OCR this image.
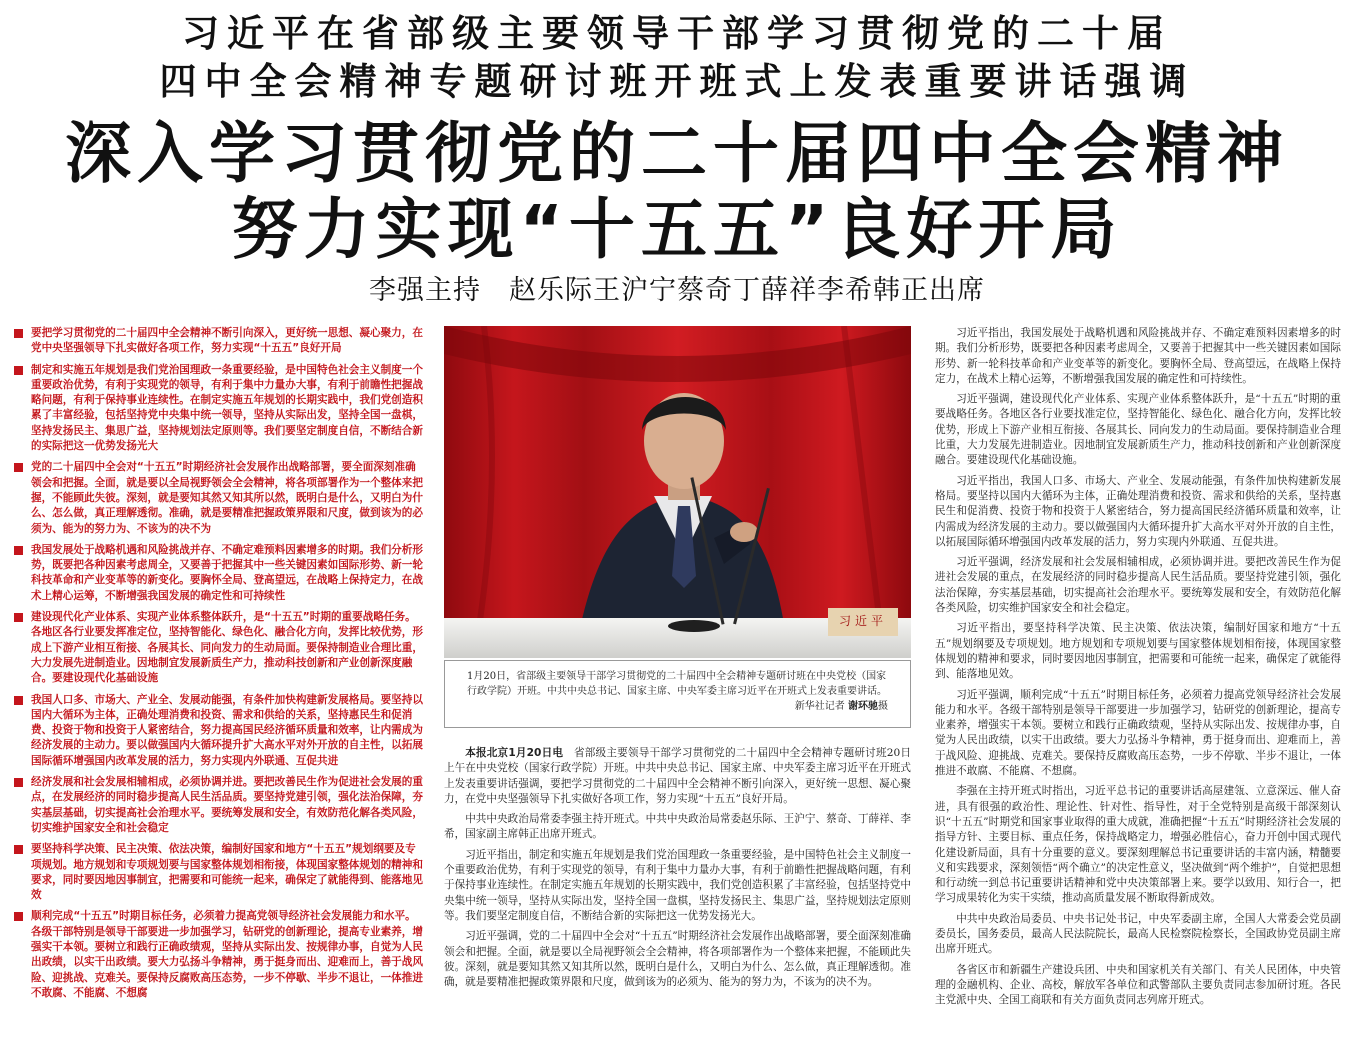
习近平在省部级主要领导干部学习贯彻党的二十届
四中全会精神专题研讨班开班式上发表重要讲话强调
深入学习贯彻党的二十届四中全会精神
努力实现“十五五”良好开局
李强主持　赵乐际王沪宁蔡奇丁薛祥李希韩正出席
要把学习贯彻党的二十届四中全会精神不断引向深入，更好统一思想、凝心聚力，在党中央坚强领导下扎实做好各项工作，努力实现“十五五”良好开局
制定和实施五年规划是我们党治国理政一条重要经验，是中国特色社会主义制度一个重要政治优势，有利于实现党的领导，有利于集中力量办大事，有利于前瞻性把握战略问题，有利于保持事业连续性。在制定实施五年规划的长期实践中，我们党创造积累了丰富经验，包括坚持党中央集中统一领导，坚持从实际出发，坚持全国一盘棋，坚持发扬民主、集思广益，坚持规划法定原则等。我们要坚定制度自信，不断结合新的实际把这一优势发扬光大
党的二十届四中全会对“十五五”时期经济社会发展作出战略部署，要全面深刻准确领会和把握。全面，就是要以全局视野领会全会精神，将各项部署作为一个整体来把握，不能顾此失彼。深刻，就是要知其然又知其所以然，既明白是什么，又明白为什么、怎么做，真正理解透彻。准确，就是要精准把握政策界限和尺度，做到该为的必须为、能为的努力为、不该为的决不为
我国发展处于战略机遇和风险挑战并存、不确定难预料因素增多的时期。我们分析形势，既要把各种因素考虑周全，又要善于把握其中一些关键因素如国际形势、新一轮科技革命和产业变革等的新变化。要胸怀全局、登高望远，在战略上保持定力，在战术上精心运筹，不断增强我国发展的确定性和可持续性
建设现代化产业体系、实现产业体系整体跃升，是“十五五”时期的重要战略任务。各地区各行业要发挥准定位，坚持智能化、绿色化、融合化方向，发挥比较优势，形成上下游产业相互衔接、各展其长、同向发力的生动局面。要保持制造业合理比重，大力发展先进制造业。因地制宜发展新质生产力，推动科技创新和产业创新深度融合。要建设现代化基础设施
我国人口多、市场大、产业全、发展动能强，有条件加快构建新发展格局。要坚持以国内大循环为主体，正确处理消费和投资、需求和供给的关系，坚持惠民生和促消费、投资于物和投资于人紧密结合，努力提高国民经济循环质量和效率，让内需成为经济发展的主动力。要以做强国内大循环提升扩大高水平对外开放的自主性，以拓展国际循环增强国内改革发展的活力，努力实现内外联通、互促共进
经济发展和社会发展相辅相成，必须协调并进。要把改善民生作为促进社会发展的重点，在发展经济的同时稳步提高人民生活品质。要坚持党建引领，强化法治保障，夯实基层基础，切实提高社会治理水平。要统筹发展和安全，有效防范化解各类风险，切实维护国家安全和社会稳定
要坚持科学决策、民主决策、依法决策，编制好国家和地方“十五五”规划纲要及专项规划。地方规划和专项规划要与国家整体规划相衔接，体现国家整体规划的精神和要求，同时要因地因事制宜，把需要和可能统一起来，确保定了就能得到、能落地见效
顺利完成“十五五”时期目标任务，必须着力提高党领导经济社会发展能力和水平。各级干部特别是领导干部要进一步加强学习，钻研党的创新理论，提高专业素养，增强实干本领。要树立和践行正确政绩观，坚持从实际出发、按规律办事，自觉为人民出政绩，以实干出政绩。要大力弘扬斗争精神，勇于挺身而出、迎难而上，善于战风险、迎挑战、克难关。要保持反腐败高压态势，一步不停歇、半步不退让，一体推进不敢腐、不能腐、不想腐
习近平
1月20日，省部级主要领导干部学习贯彻党的二十届四中全会精神专题研讨班在中央党校（国家行政学院）开班。中共中央总书记、国家主席、中央军委主席习近平在开班式上发表重要讲话。
新华社记者 谢环驰摄

本报北京1月20日电　 省部级主要领导干部学习贯彻党的二十届四中全会精神专题研讨班20日上午在中央党校（国家行政学院）开班。中共中央总书记、国家主席、中央军委主席习近平在开班式上发表重要讲话强调，要把学习贯彻党的二十届四中全会精神不断引向深入，更好统一思想、凝心聚力，在党中央坚强领导下扎实做好各项工作，努力实现“十五五”良好开局。

中共中央政治局常委李强主持开班式。中共中央政治局常委赵乐际、王沪宁、蔡奇、丁薛祥、李希，国家副主席韩正出席开班式。

习近平指出，制定和实施五年规划是我们党治国理政一条重要经验，是中国特色社会主义制度一个重要政治优势，有利于实现党的领导，有利于集中力量办大事，有利于前瞻性把握战略问题，有利于保持事业连续性。在制定实施五年规划的长期实践中，我们党创造积累了丰富经验，包括坚持党中央集中统一领导，坚持从实际出发，坚持全国一盘棋，坚持发扬民主、集思广益，坚持规划法定原则等。我们要坚定制度自信，不断结合新的实际把这一优势发扬光大。

习近平强调，党的二十届四中全会对“十五五”时期经济社会发展作出战略部署，要全面深刻准确领会和把握。全面，就是要以全局视野领会全会精神，将各项部署作为一个整体来把握，不能顾此失彼。深刻，就是要知其然又知其所以然，既明白是什么，又明白为什么、怎么做，真正理解透彻。准确，就是要精准把握政策界限和尺度，做到该为的必须为、能为的努力为，不该为的决不为。

习近平指出，我国发展处于战略机遇和风险挑战并存、不确定难预料因素增多的时期。我们分析形势，既要把各种因素考虑周全，又要善于把握其中一些关键因素如国际形势、新一轮科技革命和产业变革等的新变化。要胸怀全局、登高望远，在战略上保持定力，在战术上精心运筹，不断增强我国发展的确定性和可持续性。

习近平强调，建设现代化产业体系、实现产业体系整体跃升，是“十五五”时期的重要战略任务。各地区各行业要找准定位，坚持智能化、绿色化、融合化方向，发挥比较优势，形成上下游产业相互衔接、各展其长、同向发力的生动局面。要保持制造业合理比重，大力发展先进制造业。因地制宜发展新质生产力，推动科技创新和产业创新深度融合。要建设现代化基础设施。

习近平指出，我国人口多、市场大、产业全、发展动能强，有条件加快构建新发展格局。要坚持以国内大循环为主体，正确处理消费和投资、需求和供给的关系，坚持惠民生和促消费、投资于物和投资于人紧密结合，努力提高国民经济循环质量和效率，让内需成为经济发展的主动力。要以做强国内大循环提升扩大高水平对外开放的自主性，以拓展国际循环增强国内改革发展的活力，努力实现内外联通、互促共进。

习近平强调，经济发展和社会发展相辅相成，必须协调并进。要把改善民生作为促进社会发展的重点，在发展经济的同时稳步提高人民生活品质。要坚持党建引领，强化法治保障，夯实基层基础，切实提高社会治理水平。要统筹发展和安全，有效防范化解各类风险，切实维护国家安全和社会稳定。

习近平指出，要坚持科学决策、民主决策、依法决策，编制好国家和地方“十五五”规划纲要及专项规划。地方规划和专项规划要与国家整体规划相衔接，体现国家整体规划的精神和要求，同时要因地因事制宜，把需要和可能统一起来，确保定了就能得到、能落地见效。

习近平强调，顺利完成“十五五”时期目标任务，必须着力提高党领导经济社会发展能力和水平。各级干部特别是领导干部要进一步加强学习，钻研党的创新理论，提高专业素养，增强实干本领。要树立和践行正确政绩观，坚持从实际出发、按规律办事，自觉为人民出政绩，以实干出政绩。要大力弘扬斗争精神，勇于挺身而出、迎难而上，善于战风险、迎挑战、克难关。要保持反腐败高压态势，一步不停歇、半步不退让，一体推进不敢腐、不能腐、不想腐。

李强在主持开班式时指出，习近平总书记的重要讲话高屋建瓴、立意深远、催人奋进，具有很强的政治性、理论性、针对性、指导性，对于全党特别是高级干部深刻认识“十五五”时期党和国家事业取得的重大成就，准确把握“十五五”时期经济社会发展的指导方针、主要目标、重点任务，保持战略定力，增强必胜信心，奋力开创中国式现代化建设新局面，具有十分重要的意义。要深刻理解总书记重要讲话的丰富内涵，精髓要义和实践要求，深刻领悟“两个确立”的决定性意义，坚决做到“两个维护”，自觉把思想和行动统一到总书记重要讲话精神和党中央决策部署上来。要学以致用、知行合一，把学习成果转化为实干实绩，推动高质量发展不断取得新成效。

中共中央政治局委员、中央书记处书记，中央军委副主席，全国人大常委会党员副委员长，国务委员，最高人民法院院长，最高人民检察院检察长，全国政协党员副主席出席开班式。

各省区市和新疆生产建设兵团、中央和国家机关有关部门、有关人民团体，中央管理的金融机构、企业、高校，解放军各单位和武警部队主要负责同志参加研讨班。各民主党派中央、全国工商联和有关方面负责同志列席开班式。
